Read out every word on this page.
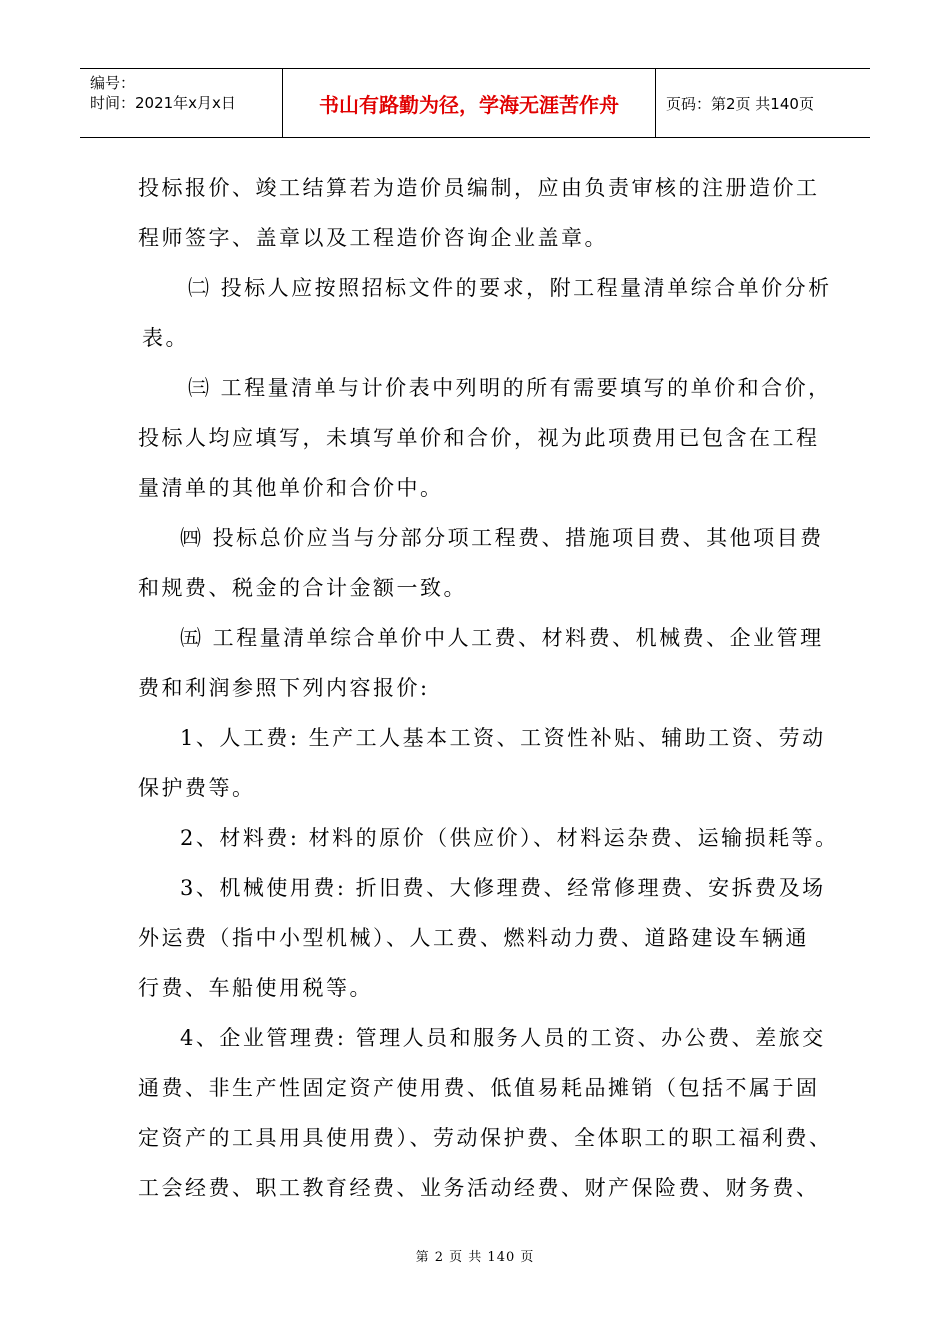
编号：
时间：2021年x月x日	书山有路勤为径，学海无涯苦作舟	页码：第2页 共140页
投标报价、竣工结算若为造价员编制，应由负责审核的注册造价工
程师签字、盖章以及工程造价咨询企业盖章。
㈡ 投标人应按照招标文件的要求，附工程量清单综合单价分析
表。
㈢ 工程量清单与计价表中列明的所有需要填写的单价和合价，
投标人均应填写，未填写单价和合价，视为此项费用已包含在工程
量清单的其他单价和合价中。
㈣ 投标总价应当与分部分项工程费、措施项目费、其他项目费
和规费、税金的合计金额一致。
㈤ 工程量清单综合单价中人工费、材料费、机械费、企业管理
费和利润参照下列内容报价:
1、人工费: 生产工人基本工资、工资性补贴、辅助工资、劳动
保护费等。
2、材料费: 材料的原价（供应价）、材料运杂费、运输损耗等。
3、机械使用费: 折旧费、大修理费、经常修理费、安拆费及场
外运费（指中小型机械）、人工费、燃料动力费、道路建设车辆通
行费、车船使用税等。
4、企业管理费: 管理人员和服务人员的工资、办公费、差旅交
通费、非生产性固定资产使用费、低值易耗品摊销（包括不属于固
定资产的工具用具使用费）、劳动保护费、全体职工的职工福利费、
工会经费、职工教育经费、业务活动经费、财产保险费、财务费、
第 2 页 共 140 页
